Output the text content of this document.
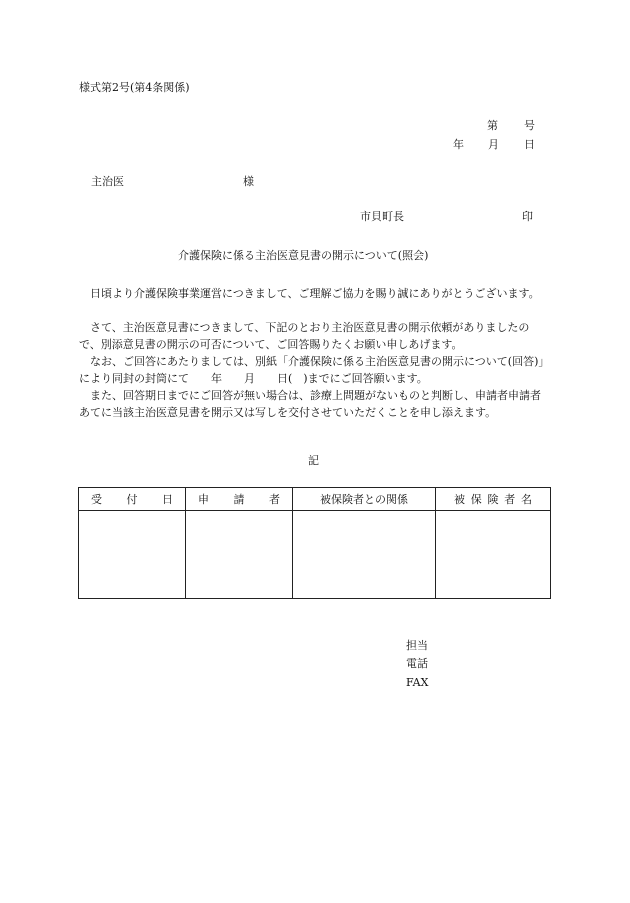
様式第2号(第4条関係)
第 号
年 月 日
主治医	様
市貝町長	印
介護保険に係る主治医意見書の開示について(照会)

日頃より介護保険事業運営につきまして、ご理解ご協力を賜り誠にありがとうございます。

さて、主治医意見書につきまして、下記のとおり主治医意見書の開示依頼がありましたので、別添意見書の開示の可否について、ご回答賜りたくお願い申しあげます。

なお、ご回答にあたりましては、別紙「介護保険に係る主治医意見書の開示について(回答)」により同封の封筒にて　　年　　月　　日(　)までにご回答願います。

また、回答期日までにご回答が無い場合は、診療上問題がないものと判断し、申請者申請者あてに当該主治医意見書を開示又は写しを交付させていただくことを申し添えます。

記
受 付 日	申 請 者	被保険者との関係	被 保 険 者 名

担当
電話
FAX
